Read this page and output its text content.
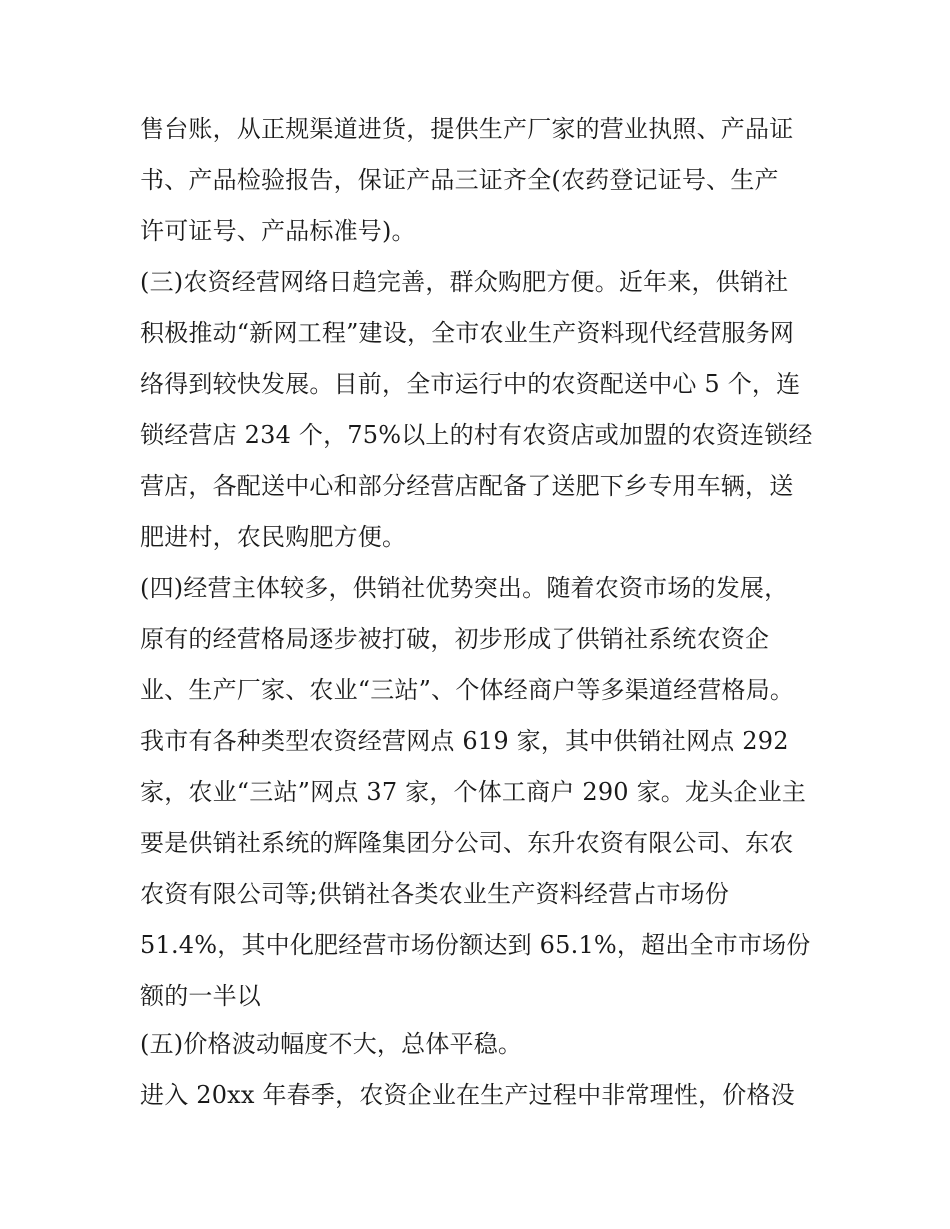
售台账，从正规渠道进货，提供生产厂家的营业执照、产品证
书、产品检验报告，保证产品三证齐全(农药登记证号、生产
许可证号、产品标准号)。
(三)农资经营网络日趋完善，群众购肥方便。近年来，供销社
积极推动“新网工程”建设，全市农业生产资料现代经营服务网
络得到较快发展。目前，全市运行中的农资配送中心 5 个，连
锁经营店 234 个，75%以上的村有农资店或加盟的农资连锁经
营店，各配送中心和部分经营店配备了送肥下乡专用车辆，送
肥进村，农民购肥方便。
(四)经营主体较多，供销社优势突出。随着农资市场的发展，
原有的经营格局逐步被打破，初步形成了供销社系统农资企
业、生产厂家、农业“三站”、个体经商户等多渠道经营格局。
我市有各种类型农资经营网点 619 家，其中供销社网点 292
家，农业“三站”网点 37 家，个体工商户 290 家。龙头企业主
要是供销社系统的辉隆集团分公司、东升农资有限公司、东农
农资有限公司等;供销社各类农业生产资料经营占市场份
51.4%，其中化肥经营市场份额达到 65.1%，超出全市市场份
额的一半以
(五)价格波动幅度不大，总体平稳。
进入 20xx 年春季，农资企业在生产过程中非常理性，价格没
